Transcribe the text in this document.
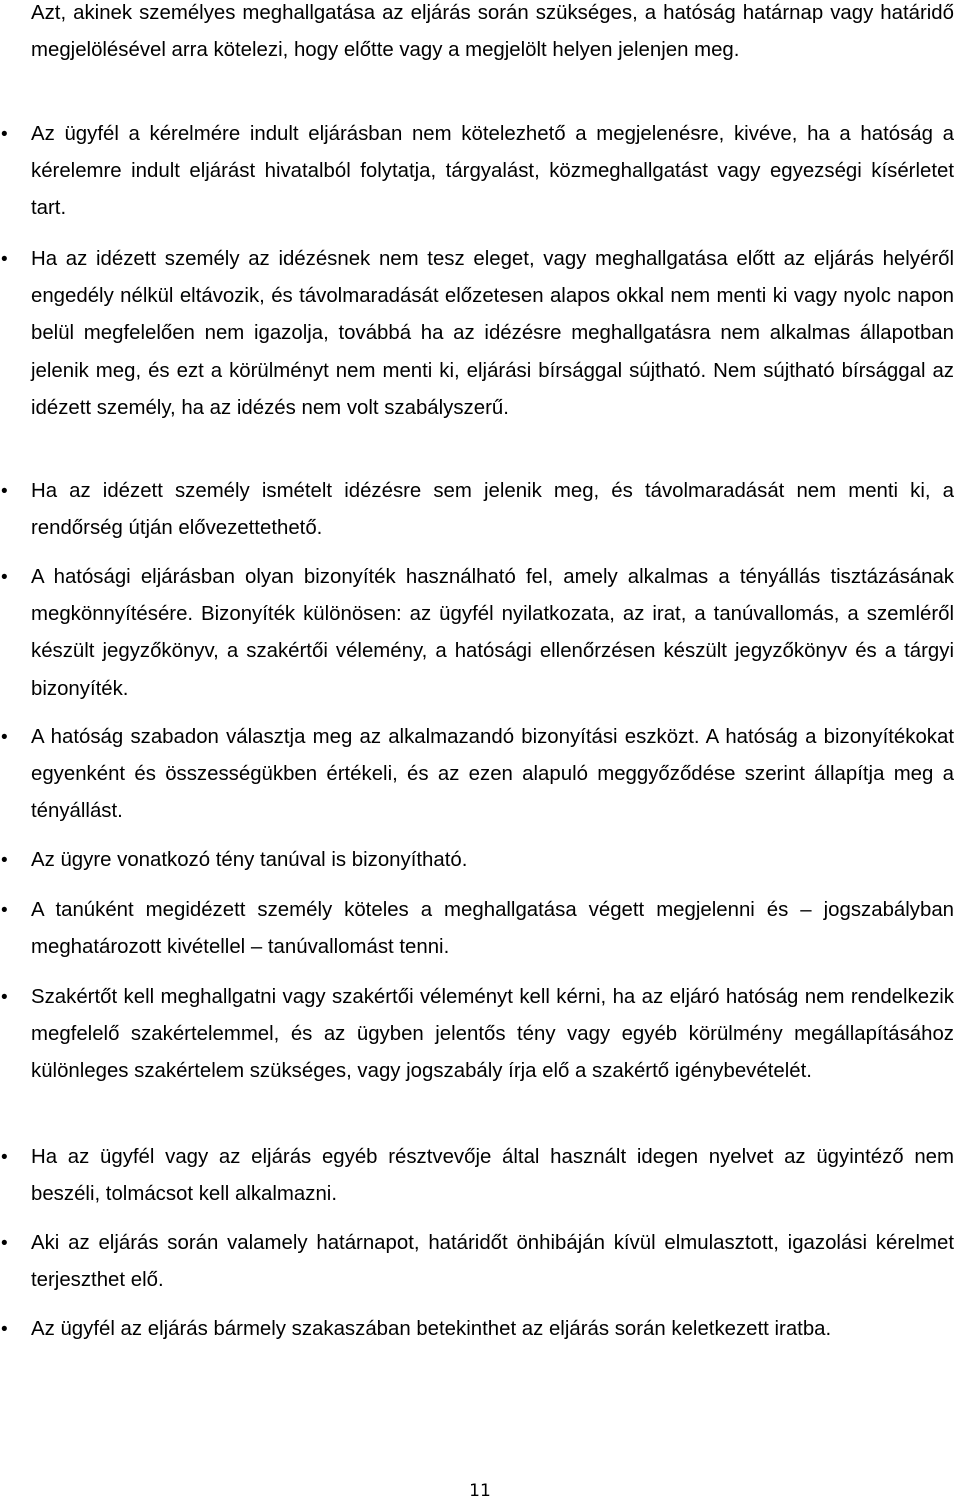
Azt, akinek személyes meghallgatása az eljárás során szükséges, a hatóság határnap vagy határidő megjelölésével arra kötelezi, hogy előtte vagy a megjelölt helyen jelenjen meg.
•	Az ügyfél a kérelmére indult eljárásban nem kötelezhető a megjelenésre, kivéve, ha a hatóság a kérelemre indult eljárást hivatalból folytatja, tárgyalást, közmeghallgatást vagy egyezségi kísérletet tart.
•	Ha az idézett személy az idézésnek nem tesz eleget, vagy meghallgatása előtt az eljárás helyéről engedély nélkül eltávozik, és távolmaradását előzetesen alapos okkal nem menti ki vagy nyolc napon belül megfelelően nem igazolja, továbbá ha az idézésre meghallgatásra nem alkalmas állapotban jelenik meg, és ezt a körülményt nem menti ki, eljárási bírsággal sújtható. Nem sújtható bírsággal az idézett személy, ha az idézés nem volt szabályszerű.
•	Ha az idézett személy ismételt idézésre sem jelenik meg, és távolmaradását nem menti ki, a rendőrség útján elővezettethető.
•	A hatósági eljárásban olyan bizonyíték használható fel, amely alkalmas a tényállás tisztázásának megkönnyítésére. Bizonyíték különösen: az ügyfél nyilatkozata, az irat, a tanúvallomás, a szemléről készült jegyzőkönyv, a szakértői vélemény, a hatósági ellenőrzésen készült jegyzőkönyv és a tárgyi bizonyíték.
•	A hatóság szabadon választja meg az alkalmazandó bizonyítási eszközt. A hatóság a bizonyítékokat egyenként és összességükben értékeli, és az ezen alapuló meggyőződése szerint állapítja meg a tényállást.
•	Az ügyre vonatkozó tény tanúval is bizonyítható.
•	A tanúként megidézett személy köteles a meghallgatása végett megjelenni és – jogszabályban meghatározott kivétellel – tanúvallomást tenni.
•	Szakértőt kell meghallgatni vagy szakértői véleményt kell kérni, ha az eljáró hatóság nem rendelkezik megfelelő szakértelemmel, és az ügyben jelentős tény vagy egyéb körülmény megállapításához különleges szakértelem szükséges, vagy jogszabály írja elő a szakértő igénybevételét.
•	Ha az ügyfél vagy az eljárás egyéb résztvevője által használt idegen nyelvet az ügyintéző nem beszéli, tolmácsot kell alkalmazni.
•	Aki az eljárás során valamely határnapot, határidőt önhibáján kívül elmulasztott, igazolási kérelmet terjeszthet elő.
•	Az ügyfél az eljárás bármely szakaszában betekinthet az eljárás során keletkezett iratba.
11
